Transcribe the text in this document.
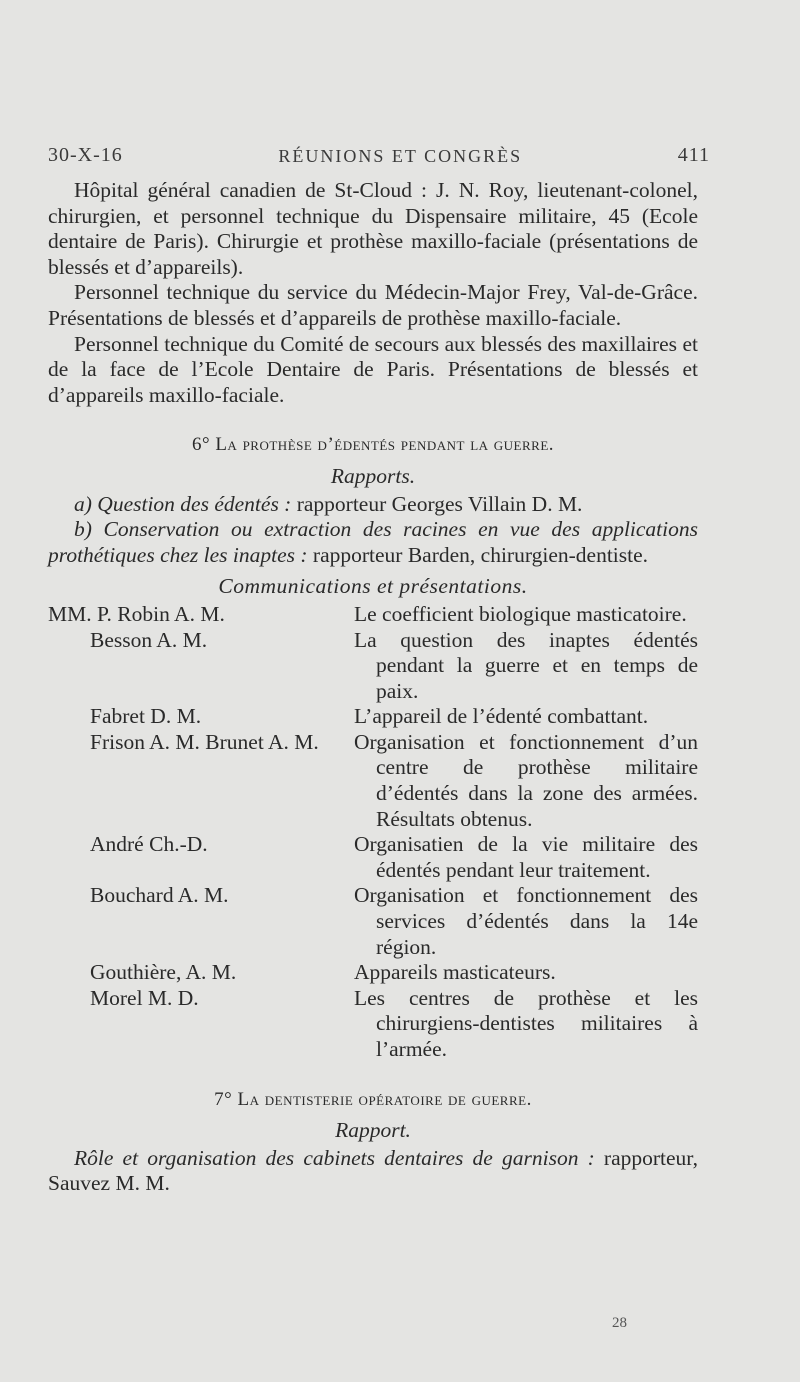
30-X-16	RÉUNIONS ET CONGRÈS	411

Hôpital général canadien de St-Cloud : J. N. Roy, lieutenant-colonel, chirurgien, et personnel technique du Dispensaire militaire, 45 (Ecole dentaire de Paris). Chirurgie et prothèse maxillo-faciale (présentations de blessés et d’appareils).

Personnel technique du service du Médecin-Major Frey, Val-de-Grâce. Présentations de blessés et d’appareils de prothèse maxillo-faciale.

Personnel technique du Comité de secours aux blessés des maxillaires et de la face de l’Ecole Dentaire de Paris. Présentations de blessés et d’appareils maxillo-faciale.

6° La prothèse d’édentés pendant la guerre.
Rapports.

a) Question des édentés : rapporteur Georges Villain D. M.

b) Conservation ou extraction des racines en vue des applications prothétiques chez les inaptes : rapporteur Barden, chirurgien-dentiste.

Communications et présentations.
MM. P. Robin A. M.	Le coefficient biologique masticatoire.
Besson A. M.	La question des inaptes édentés pendant la guerre et en temps de paix.
Fabret D. M.	L’appareil de l’édenté combattant.
Frison A. M. Brunet A. M.	Organisation et fonctionnement d’un centre de prothèse militaire d’édentés dans la zone des armées. Résultats obtenus.
André Ch.-D.	Organisatien de la vie militaire des édentés pendant leur traitement.
Bouchard A. M.	Organisation et fonctionnement des services d’édentés dans la 14e région.
Gouthière, A. M.	Appareils masticateurs.
Morel M. D.	Les centres de prothèse et les chirurgiens-dentistes militaires à l’armée.
7° La dentisterie opératoire de guerre.
Rapport.

Rôle et organisation des cabinets dentaires de garnison : rapporteur, Sauvez M. M.

28
